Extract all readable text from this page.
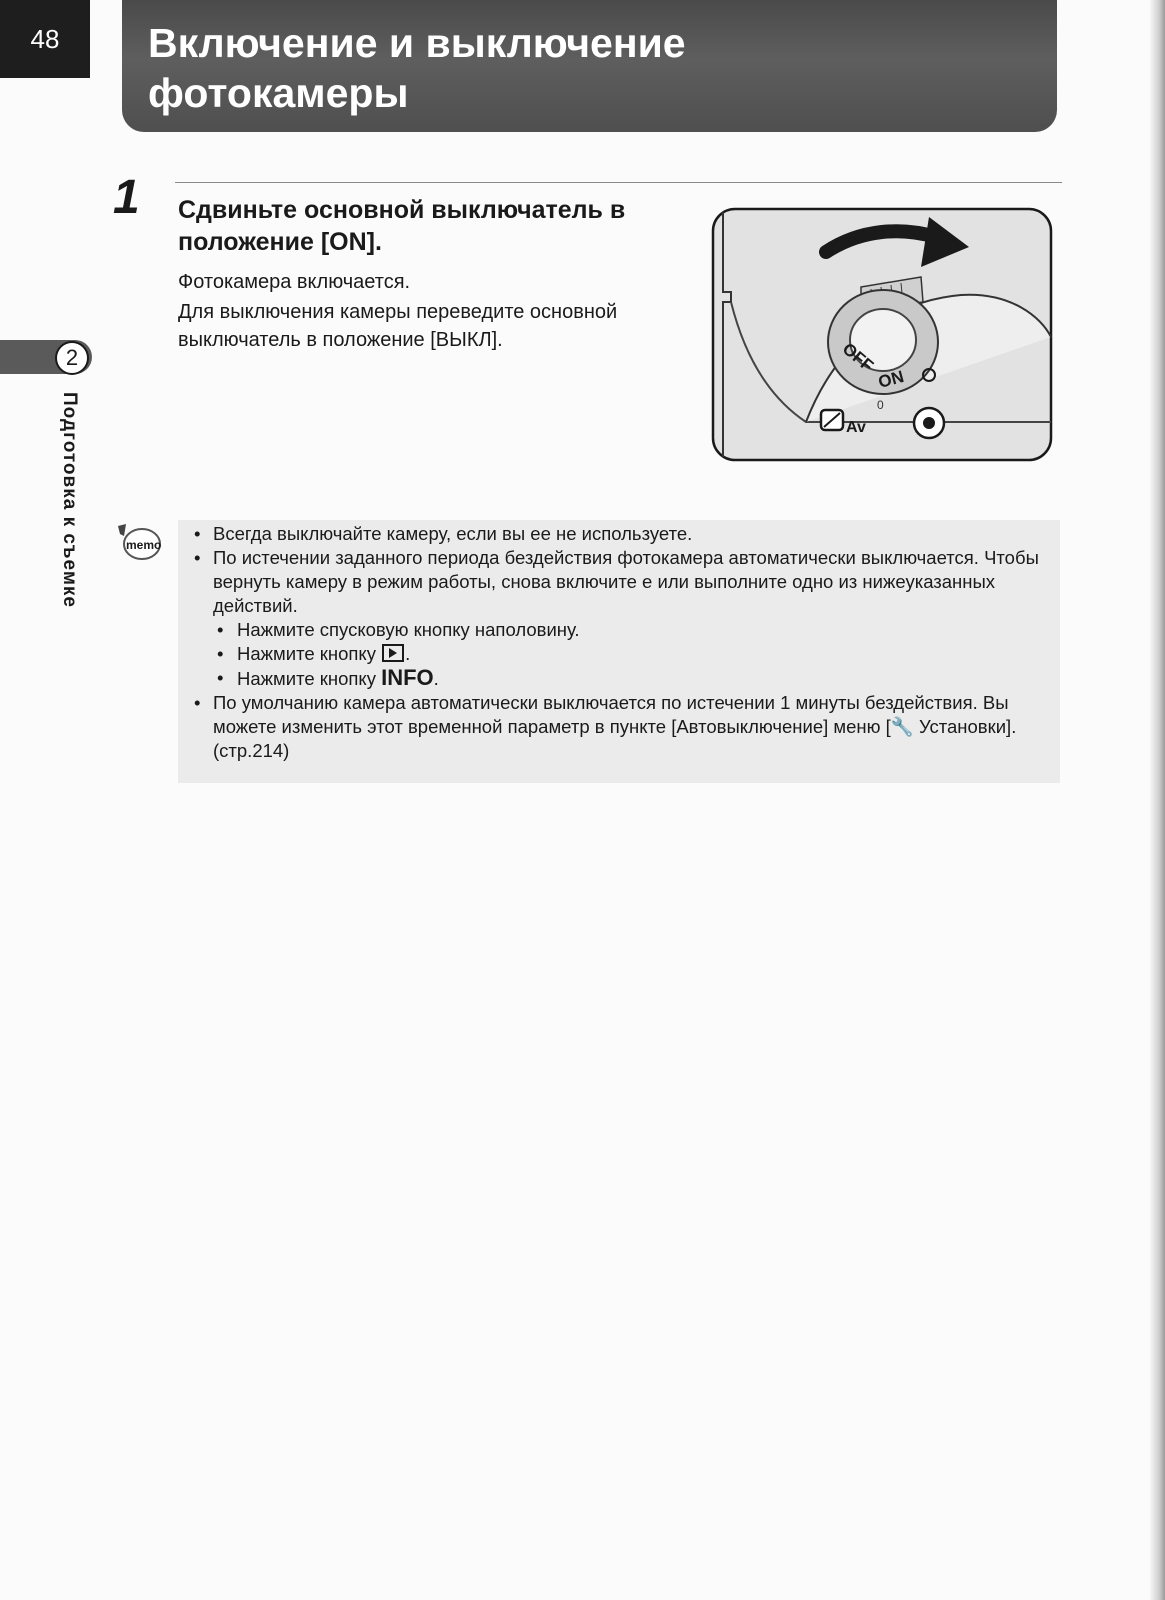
48	Включение и выключение фотокамеры
2
Подготовка к съемке
1 Сдвиньте основной выключатель в положение [ON].

Фотокамера включается.

Для выключения камеры переведите основной выключатель в положение [ВЫКЛ].	OFF
ON
0
Av
memo
• Всегда выключайте камеру, если вы ее не используете.
• По истечении заданного периода бездействия фотокамера автоматически выключается. Чтобы вернуть камеру в режим работы, снова включите е или выполните одно из нижеуказанных действий.
• Нажмите спусковую кнопку наполовину.
• Нажмите кнопку .
• Нажмите кнопку INFO.
• По умолчанию камера автоматически выключается по истечении 1 минуты бездействия. Вы можете изменить этот временной параметр в пункте [Автовыключение] меню [🔧 Установки]. (стр.214)
